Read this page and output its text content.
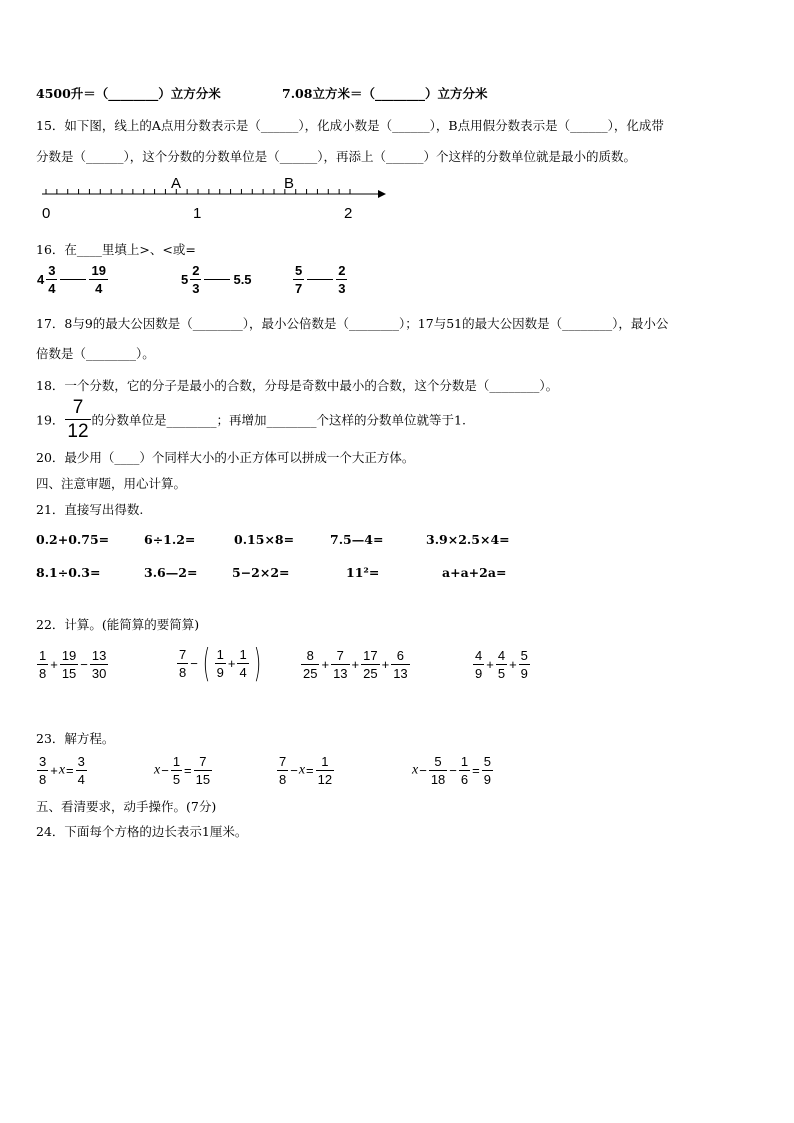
4500升＝（________）立方分米	7.08立方米＝（________）立方分米
15．如下图，线上的A点用分数表示是（______），化成小数是（______），B点用假分数表示是（______），化成带
分数是（______），这个分数的分数单位是（______），再添上（______）个这样的分数单位就是最小的质数。
A	B
0	1	2
16．在____里填上>、<或=
$4 \frac{3}{4} \frac{19}{4}$	$5 \frac{2}{3} 5.5$	$\frac{5}{7} \frac{2}{3}$
17．8与9的最大公因数是（________），最小公倍数是（________）；17与51的最大公因数是（________），最小公
倍数是（________）。
18．一个分数，它的分子是最小的合数，分母是奇数中最小的合数，这个分数是（________）。
19． $\frac{7}{12}$ 的分数单位是________；再增加________个这样的分数单位就等于1.
20．最少用（____）个同样大小的小正方体可以拼成一个大正方体。
四、注意审题，用心计算。
21．直接写出得数.
0.2+0.75=	6÷1.2=	0.15×8=	7.5—4=	3.9×2.5×4=
8.1÷0.3=	3.6—2=	5−2×2=	11²=	a+a+2a=
22．计算。(能简算的要简算)
$\frac{1}{8} + \frac{19}{15} - \frac{13}{30}$	$\frac{7}{8}$ − ( $\frac{1}{9} + \frac{1}{4}$ )	$\frac{8}{25} + \frac{7}{13} + \frac{17}{25} + \frac{6}{13}$	$\frac{4}{9} + \frac{4}{5} + \frac{5}{9}$
23．解方程。
$\frac{3}{8} +x= \frac{3}{4}$	$x- \frac{1}{5} = \frac{7}{15}$	$\frac{7}{8} -x= \frac{1}{12}$	$x- \frac{5}{18} - \frac{1}{6} = \frac{5}{9}$
五、看清要求，动手操作。(7分)
24．下面每个方格的边长表示1厘米。
